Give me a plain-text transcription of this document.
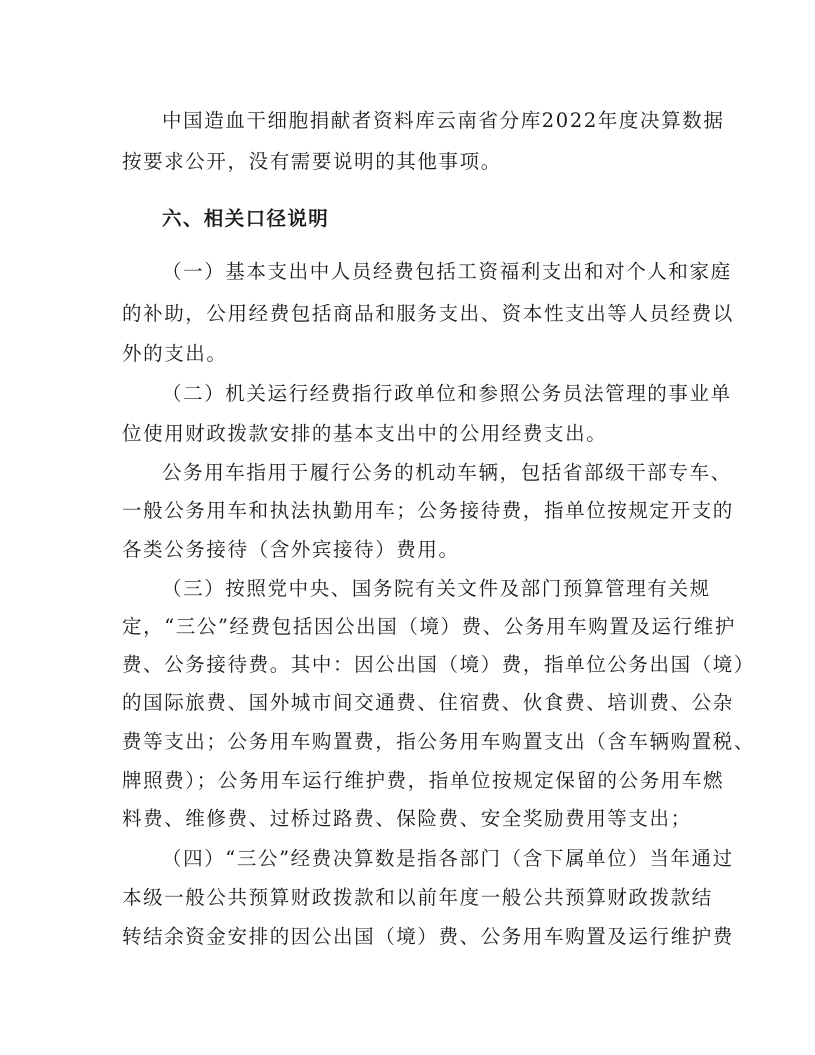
中国造血干细胞捐献者资料库云南省分库2022年度决算数据
按要求公开，没有需要说明的其他事项。
六、相关口径说明
（一）基本支出中人员经费包括工资福利支出和对个人和家庭
的补助，公用经费包括商品和服务支出、资本性支出等人员经费以
外的支出。
（二）机关运行经费指行政单位和参照公务员法管理的事业单
位使用财政拨款安排的基本支出中的公用经费支出。
公务用车指用于履行公务的机动车辆，包括省部级干部专车、
一般公务用车和执法执勤用车；公务接待费，指单位按规定开支的
各类公务接待（含外宾接待）费用。
（三）按照党中央、国务院有关文件及部门预算管理有关规
定，“三公”经费包括因公出国（境）费、公务用车购置及运行维护
费、公务接待费。其中：因公出国（境）费，指单位公务出国（境）
的国际旅费、国外城市间交通费、住宿费、伙食费、培训费、公杂
费等支出；公务用车购置费，指公务用车购置支出（含车辆购置税、
牌照费）；公务用车运行维护费，指单位按规定保留的公务用车燃
料费、维修费、过桥过路费、保险费、安全奖励费用等支出；
（四）“三公”经费决算数是指各部门（含下属单位）当年通过
本级一般公共预算财政拨款和以前年度一般公共预算财政拨款结
转结余资金安排的因公出国（境）费、公务用车购置及运行维护费
